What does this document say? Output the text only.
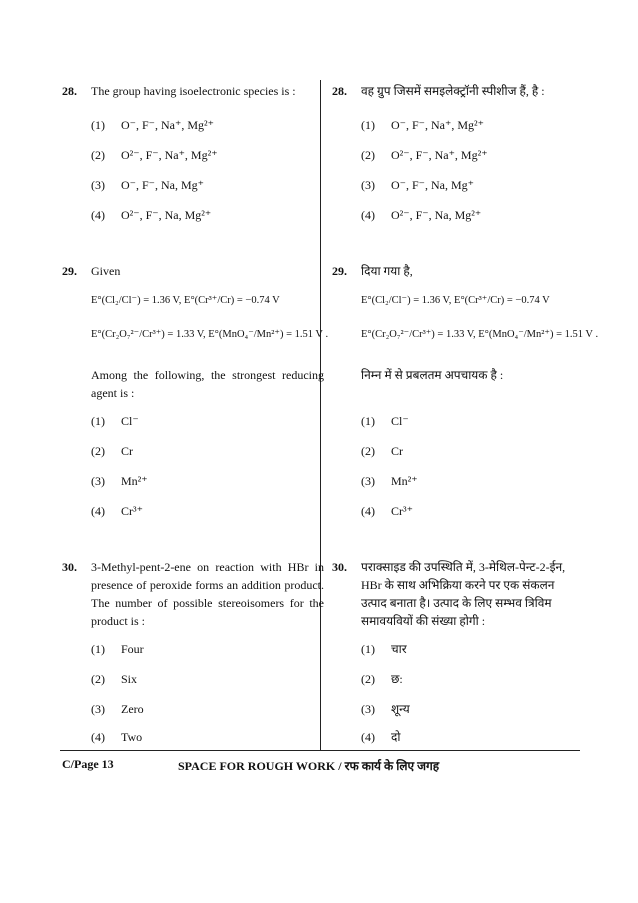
28. The group having isoelectronic species is :
(1) O⁻, F⁻, Na⁺, Mg²⁺
(2) O²⁻, F⁻, Na⁺, Mg²⁺
(3) O⁻, F⁻, Na, Mg⁺
(4) O²⁻, F⁻, Na, Mg²⁺
29. Given
E°(Cl₂/Cl⁻) = 1.36 V, E°(Cr³⁺/Cr) = −0.74 V
E°(Cr₂O₇²⁻/Cr³⁺) = 1.33 V, E°(MnO₄⁻/Mn²⁺) = 1.51 V .
Among the following, the strongest reducing agent is :
(1) Cl⁻
(2) Cr
(3) Mn²⁺
(4) Cr³⁺
30. 3-Methyl-pent-2-ene on reaction with HBr in presence of peroxide forms an addition product. The number of possible stereoisomers for the product is :
(1) Four
(2) Six
(3) Zero
(4) Two
28. वह ग्रुप जिसमें समइलेक्ट्रॉनी स्पीशीज हैं, है :
(1) O⁻, F⁻, Na⁺, Mg²⁺
(2) O²⁻, F⁻, Na⁺, Mg²⁺
(3) O⁻, F⁻, Na, Mg⁺
(4) O²⁻, F⁻, Na, Mg²⁺
29. दिया गया है,
E°(Cl₂/Cl⁻) = 1.36 V, E°(Cr³⁺/Cr) = −0.74 V
E°(Cr₂O₇²⁻/Cr³⁺) = 1.33 V, E°(MnO₄⁻/Mn²⁺) = 1.51 V .
निम्न में से प्रबलतम अपचायक है :
(1) Cl⁻
(2) Cr
(3) Mn²⁺
(4) Cr³⁺
30. पराक्साइड की उपस्थिति में, 3-मेथिल-पेन्ट-2-ईन, HBr के साथ अभिक्रिया करने पर एक संकलन उत्पाद बनाता है। उत्पाद के लिए सम्भव त्रिविम समावयवियों की संख्या होगी :
(1) चार
(2) छ:
(3) शून्य
(4) दो
C/Page 13	SPACE FOR ROUGH WORK / रफ कार्य के लिए जगह
